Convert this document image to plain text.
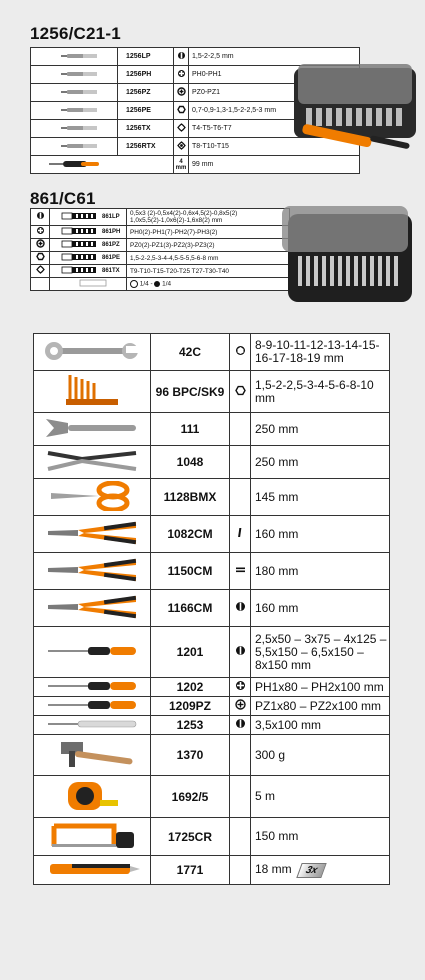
1256/C21-1
	1256LP		1,5-2-2,5 mm
	1256PH		PH0-PH1
	1256PZ		PZ0-PZ1
	1256PE		0,7-0,9-1,3-1,5-2-2,5-3 mm
	1256TX		T4-T5-T6-T7
	1256RTX		T8-T10-T15
	4 mm	99 mm
861/C61
	861LP	0,5x3 (2)-0,5x4(2)-0,6x4,5(2)-0,8x5(2)
1,0x5,5(2)-1,0x6(2)-1,6x8(2) mm
	861PH	PH0(2)-PH1(7)-PH2(7)-PH3(2)
	861PZ	PZ0(2)-PZ1(3)-PZ2(3)-PZ3(2)
	861PE	1,5-2-2,5-3-4-4,5-5-5,5-6-8 mm
	861TX	T9-T10-T15-T20-T25 T27-T30-T40
		1/4 - 1/4
	42C		8-9-10-11-12-13-14-15-16-17-18-19 mm
	96 BPC/SK9		1,5-2-2,5-3-4-5-6-8-10 mm
	111		250 mm
	1048		250 mm
	1128BMX		145 mm
	1082CM		160 mm
	1150CM		180 mm
	1166CM		160 mm
	1201		2,5x50 – 3x75 – 4x125 – 5,5x150 – 6,5x150 – 8x150 mm
	1202		PH1x80 – PH2x100 mm
	1209PZ		PZ1x80 – PZ2x100 mm
	1253		3,5x100 mm
	1370		300 g
	1692/5		5 m
	1725CR		150 mm
	1771		18 mm 3x
